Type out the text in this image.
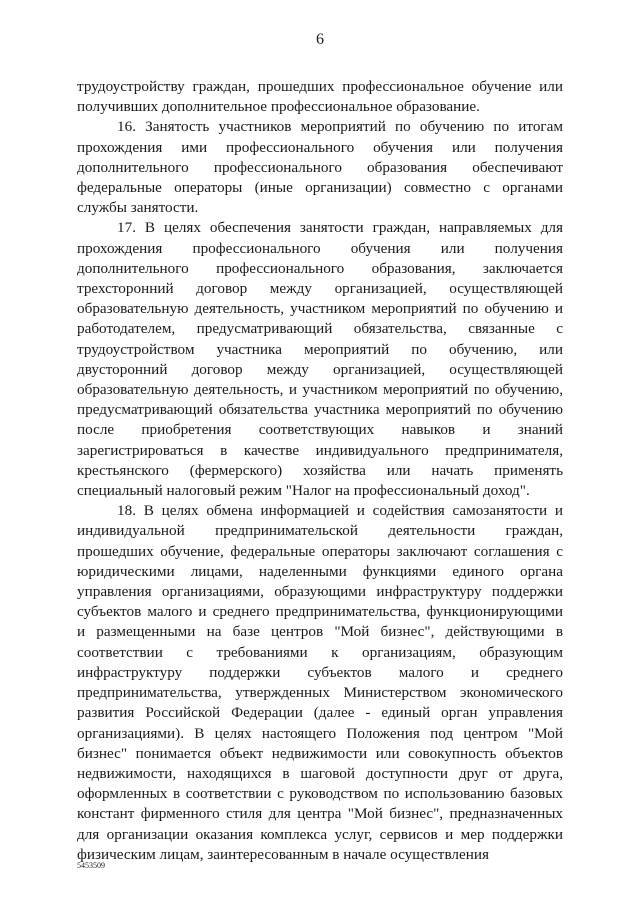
6

трудоустройству граждан, прошедших профессиональное обучение или получивших дополнительное профессиональное образование.

16. Занятость участников мероприятий по обучению по итогам прохождения ими профессионального обучения или получения дополнительного профессионального образования обеспечивают федеральные операторы (иные организации) совместно с органами службы занятости.

17. В целях обеспечения занятости граждан, направляемых для прохождения профессионального обучения или получения дополнительного профессионального образования, заключается трехсторонний договор между организацией, осуществляющей образовательную деятельность, участником мероприятий по обучению и работодателем, предусматривающий обязательства, связанные с трудоустройством участника мероприятий по обучению, или двусторонний договор между организацией, осуществляющей образовательную деятельность, и участником мероприятий по обучению, предусматривающий обязательства участника мероприятий по обучению после приобретения соответствующих навыков и знаний зарегистрироваться в качестве индивидуального предпринимателя, крестьянского (фермерского) хозяйства или начать применять специальный налоговый режим "Налог на профессиональный доход".

18. В целях обмена информацией и содействия самозанятости и индивидуальной предпринимательской деятельности граждан, прошедших обучение, федеральные операторы заключают соглашения с юридическими лицами, наделенными функциями единого органа управления организациями, образующими инфраструктуру поддержки субъектов малого и среднего предпринимательства, функционирующими и размещенными на базе центров "Мой бизнес", действующими в соответствии с требованиями к организациям, образующим инфраструктуру поддержки субъектов малого и среднего предпринимательства, утвержденных Министерством экономического развития Российской Федерации (далее - единый орган управления организациями). В целях настоящего Положения под центром "Мой бизнес" понимается объект недвижимости или совокупность объектов недвижимости, находящихся в шаговой доступности друг от друга, оформленных в соответствии с руководством по использованию базовых констант фирменного стиля для центра "Мой бизнес", предназначенных для организации оказания комплекса услуг, сервисов и мер поддержки физическим лицам, заинтересованным в начале осуществления

5453509
